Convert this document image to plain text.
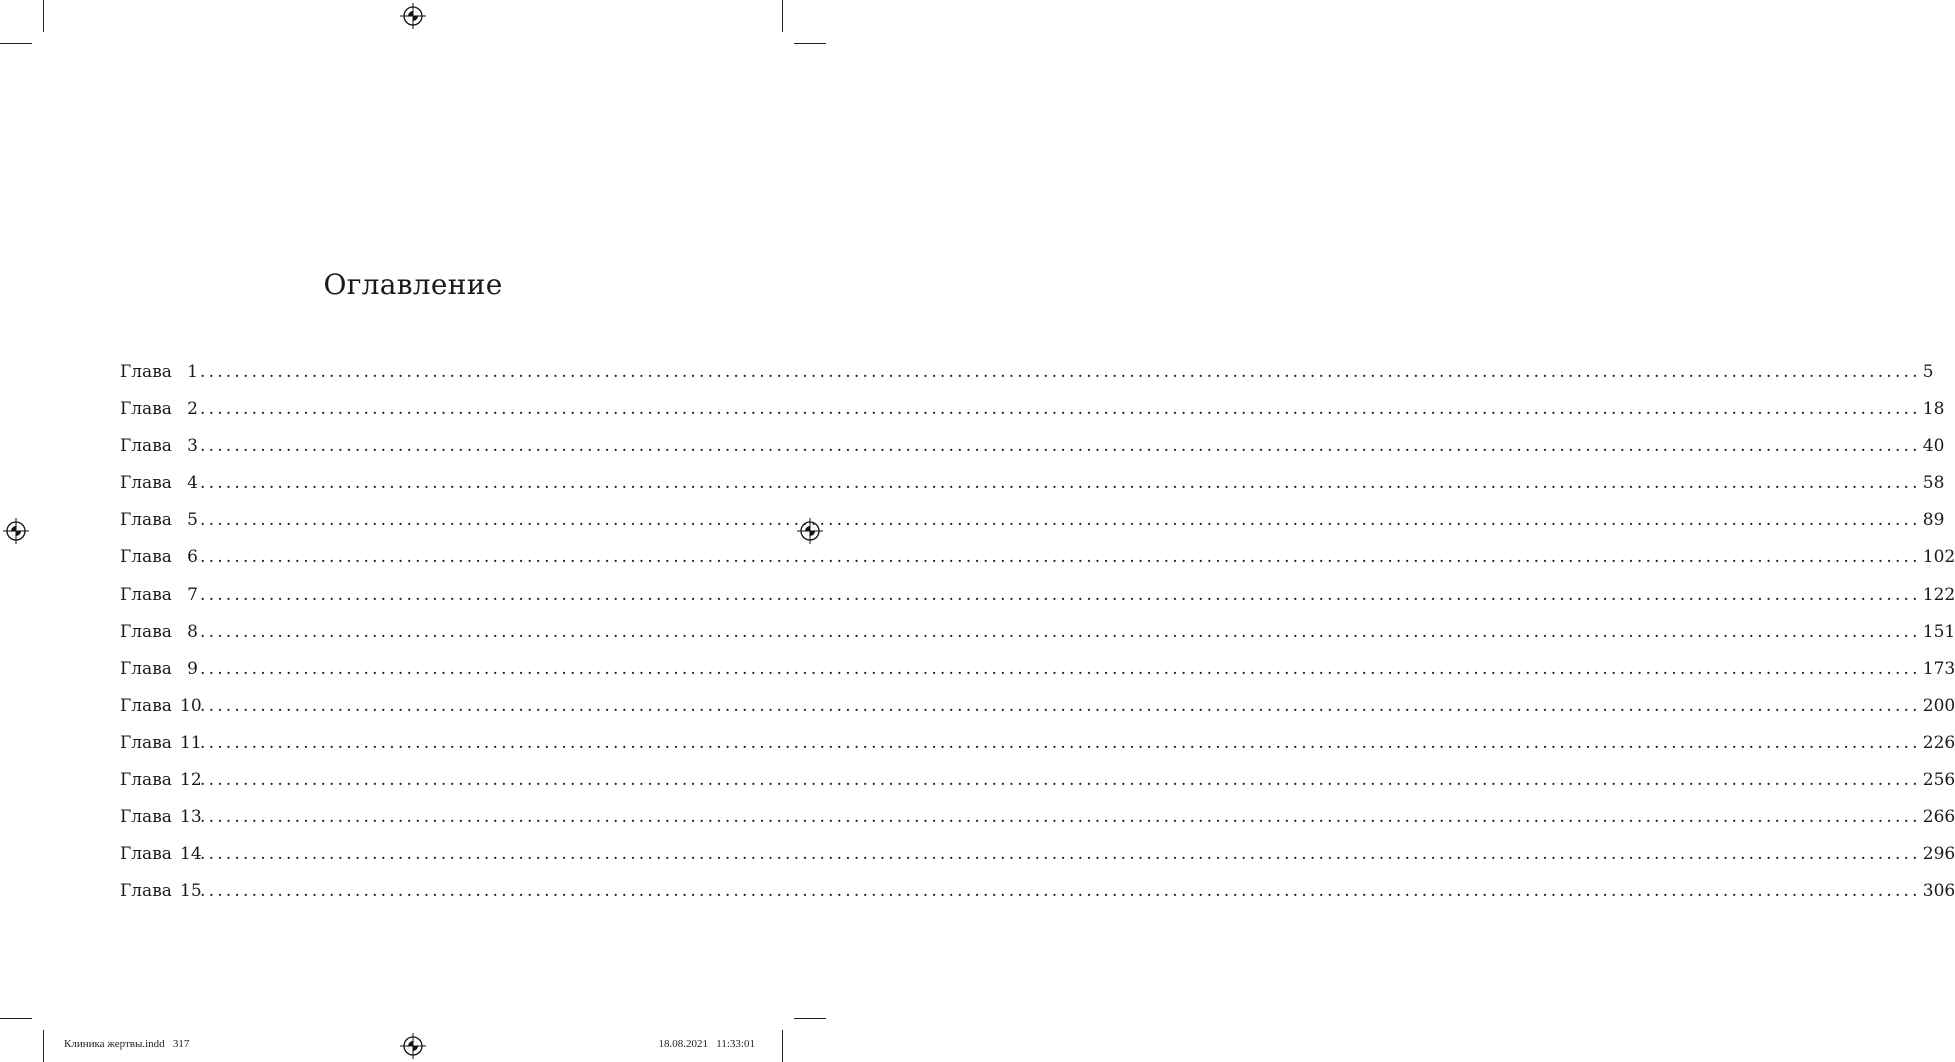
Оглавление
Глава 1 ........................................................................................................................................................................................................ 5
Глава 2 ........................................................................................................................................................................................................ 18
Глава 3 ........................................................................................................................................................................................................ 40
Глава 4 ........................................................................................................................................................................................................ 58
Глава 5 ........................................................................................................................................................................................................ 89
Глава 6 ........................................................................................................................................................................................................ 102
Глава 7 ........................................................................................................................................................................................................ 122
Глава 8 ........................................................................................................................................................................................................ 151
Глава 9 ........................................................................................................................................................................................................ 173
Глава 10
........................................................................................................................................................................................................ 200
Глава 11
........................................................................................................................................................................................................ 226
Глава 12
........................................................................................................................................................................................................ 256
Глава 13
........................................................................................................................................................................................................ 266
Глава 14
........................................................................................................................................................................................................ 296
Глава 15
........................................................................................................................................................................................................ 306
Клиника жертвы.indd   317	18.08.2021   11:33:01
